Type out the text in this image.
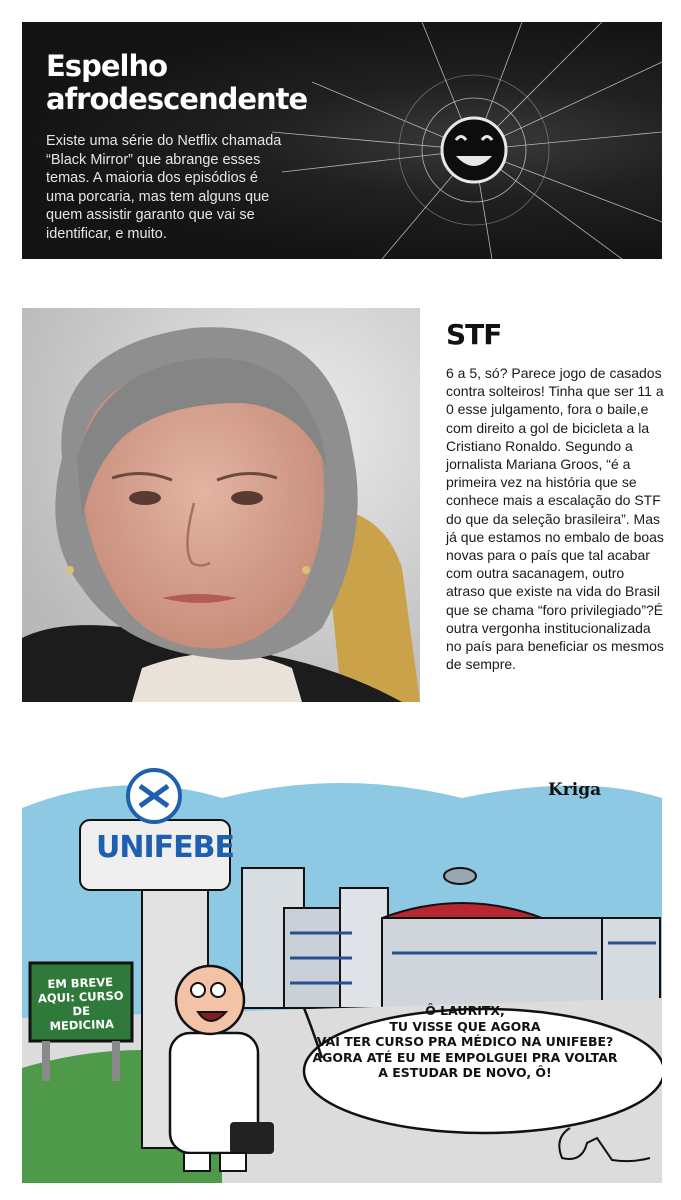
Espelho afrodescendente

Existe uma série do Netflix chamada “Black Mirror” que abrange esses temas. A maioria dos episódios é uma porcaria, mas tem alguns que quem assistir garanto que vai se identificar, e muito.

STF

6 a 5, só? Parece jogo de casados contra solteiros! Tinha que ser 11 a 0 esse julgamento, fora o baile,e com direito a gol de bicicleta a la Cristiano Ronaldo. Segundo a jornalista Mariana Groos, “é a primeira vez na história que se conhece mais a escalação do STF do que da seleção brasileira”. Mas já que estamos no embalo de boas novas para o país que tal acabar com outra sacanagem, outro atraso que existe na vida do Brasil que se chama “foro privilegiado”?É outra vergonha institucionalizada no país para beneficiar os mesmos de sempre.

Kriga

UNIFEBE

EM BREVE
AQUI: CURSO DE
MEDICINA

Ô LAURITX,
TU VISSE QUE AGORA
VAI TER CURSO PRA MÉDICO NA UNIFEBE?
AGORA ATÉ EU ME EMPOLGUEI PRA VOLTAR
A ESTUDAR DE NOVO, Ô!
